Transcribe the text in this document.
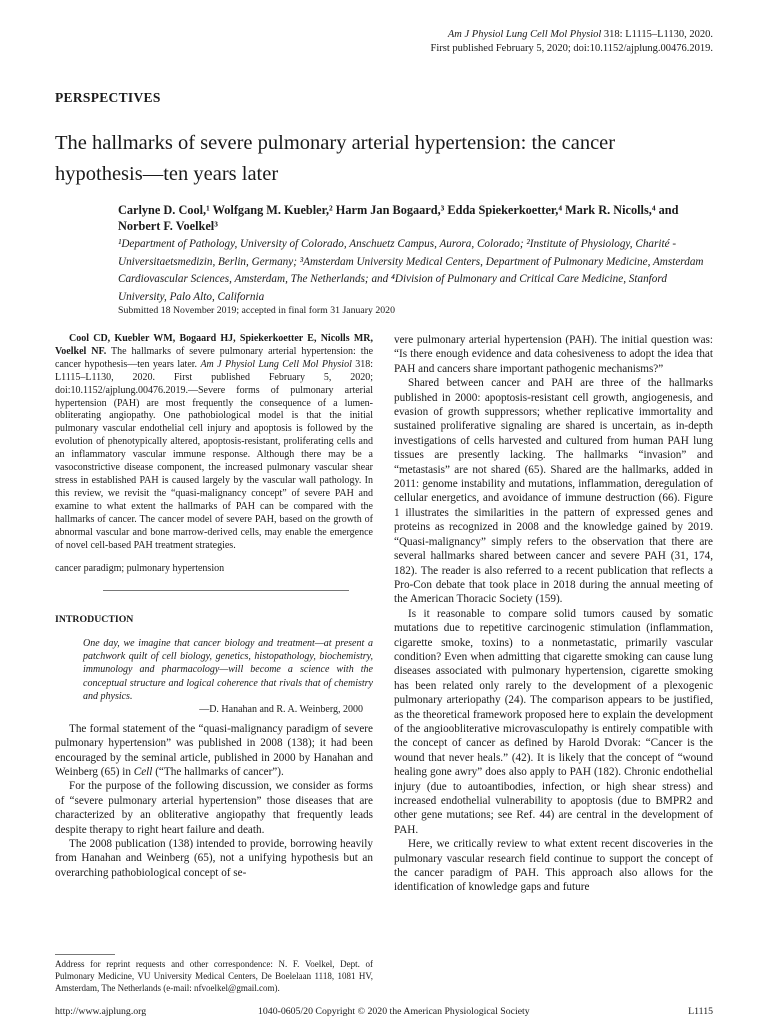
Am J Physiol Lung Cell Mol Physiol 318: L1115–L1130, 2020.
First published February 5, 2020; doi:10.1152/ajplung.00476.2019.
PERSPECTIVES
The hallmarks of severe pulmonary arterial hypertension: the cancer hypothesis—ten years later
Carlyne D. Cool,¹ Wolfgang M. Kuebler,² Harm Jan Bogaard,³ Edda Spiekerkoetter,⁴ Mark R. Nicolls,⁴ and Norbert F. Voelkel³
¹Department of Pathology, University of Colorado, Anschuetz Campus, Aurora, Colorado; ²Institute of Physiology, Charité - Universitaetsmedizin, Berlin, Germany; ³Amsterdam University Medical Centers, Department of Pulmonary Medicine, Amsterdam Cardiovascular Sciences, Amsterdam, The Netherlands; and ⁴Division of Pulmonary and Critical Care Medicine, Stanford University, Palo Alto, California
Submitted 18 November 2019; accepted in final form 31 January 2020

Cool CD, Kuebler WM, Bogaard HJ, Spiekerkoetter E, Nicolls MR, Voelkel NF. The hallmarks of severe pulmonary arterial hypertension: the cancer hypothesis—ten years later. Am J Physiol Lung Cell Mol Physiol 318: L1115–L1130, 2020. First published February 5, 2020; doi:10.1152/ajplung.00476.2019.—Severe forms of pulmonary arterial hypertension (PAH) are most frequently the consequence of a lumen-obliterating angiopathy. One pathobiological model is that the initial pulmonary vascular endothelial cell injury and apoptosis is followed by the evolution of phenotypically altered, apoptosis-resistant, proliferating cells and an inflammatory vascular immune response. Although there may be a vasoconstrictive disease component, the increased pulmonary vascular shear stress in established PAH is caused largely by the vascular wall pathology. In this review, we revisit the “quasi-malignancy concept” of severe PAH and examine to what extent the hallmarks of PAH can be compared with the hallmarks of cancer. The cancer model of severe PAH, based on the growth of abnormal vascular and bone marrow-derived cells, may enable the emergence of novel cell-based PAH treatment strategies.

cancer paradigm; pulmonary hypertension
INTRODUCTION
One day, we imagine that cancer biology and treatment—at present a patchwork quilt of cell biology, genetics, histopathology, biochemistry, immunology and pharmacology—will become a science with the conceptual structure and logical coherence that rivals that of chemistry and physics.
—D. Hanahan and R. A. Weinberg, 2000

The formal statement of the “quasi-malignancy paradigm of severe pulmonary hypertension” was published in 2008 (138); it had been encouraged by the seminal article, published in 2000 by Hanahan and Weinberg (65) in Cell (“The hallmarks of cancer”).

For the purpose of the following discussion, we consider as forms of “severe pulmonary arterial hypertension” those diseases that are characterized by an obliterative angiopathy that frequently leads despite therapy to right heart failure and death.

The 2008 publication (138) intended to provide, borrowing heavily from Hanahan and Weinberg (65), not a unifying hypothesis but an overarching pathobiological concept of se-

vere pulmonary arterial hypertension (PAH). The initial question was: “Is there enough evidence and data cohesiveness to adopt the idea that PAH and cancers share important pathogenic mechanisms?”

Shared between cancer and PAH are three of the hallmarks published in 2000: apoptosis-resistant cell growth, angiogenesis, and evasion of growth suppressors; whether replicative immortality and sustained proliferative signaling are shared is uncertain, as in-depth investigations of cells harvested and cultured from human PAH lung tissues are presently lacking. The hallmarks “invasion” and “metastasis” are not shared (65). Shared are the hallmarks, added in 2011: genome instability and mutations, inflammation, deregulation of cellular energetics, and avoidance of immune destruction (66). Figure 1 illustrates the similarities in the pattern of expressed genes and proteins as recognized in 2008 and the knowledge gained by 2019. “Quasi-malignancy” simply refers to the observation that there are several hallmarks shared between cancer and severe PAH (31, 174, 182). The reader is also referred to a recent publication that reflects a Pro-Con debate that took place in 2018 during the annual meeting of the American Thoracic Society (159).

Is it reasonable to compare solid tumors caused by somatic mutations due to repetitive carcinogenic stimulation (inflammation, cigarette smoke, toxins) to a nonmetastatic, primarily vascular condition? Even when admitting that cigarette smoking can cause lung diseases associated with pulmonary hypertension, cigarette smoking has been related only rarely to the development of a plexogenic pulmonary arteriopathy (24). The comparison appears to be justified, as the theoretical framework proposed here to explain the development of the angioobliterative microvasculopathy is entirely compatible with the concept of cancer as defined by Harold Dvorak: “Cancer is the wound that never heals.” (42). It is likely that the concept of “wound healing gone awry” does also apply to PAH (182). Chronic endothelial injury (due to autoantibodies, infection, or high shear stress) and increased endothelial vulnerability to apoptosis (due to BMPR2 and other gene mutations; see Ref. 44) are central in the development of PAH.

Here, we critically review to what extent recent discoveries in the pulmonary vascular research field continue to support the concept of the cancer paradigm of PAH. This approach also allows for the identification of knowledge gaps and future

Address for reprint requests and other correspondence: N. F. Voelkel, Dept. of Pulmonary Medicine, VU University Medical Centers, De Boelelaan 1118, 1081 HV, Amsterdam, The Netherlands (e-mail: nfvoelkel@gmail.com).
http://www.ajplung.org	1040-0605/20 Copyright © 2020 the American Physiological Society	L1115
